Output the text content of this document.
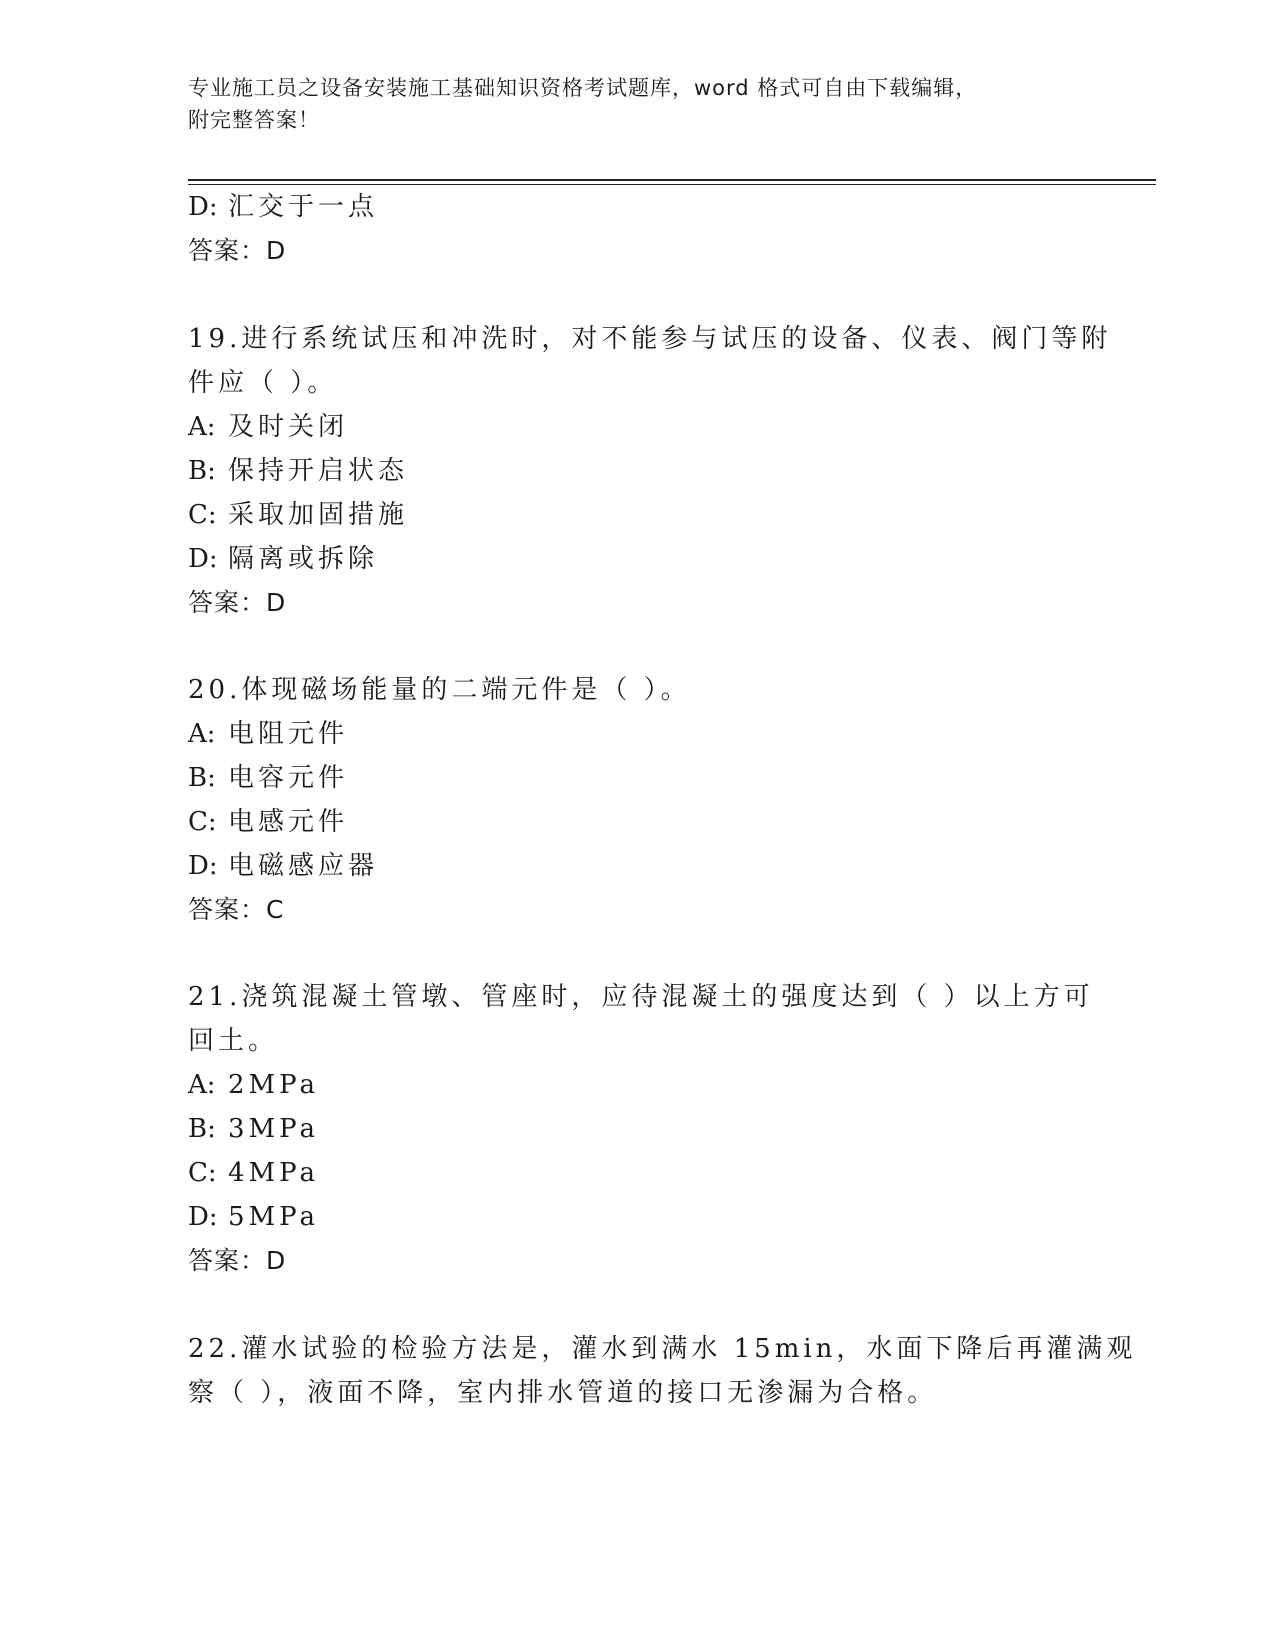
专业施工员之设备安装施工基础知识资格考试题库，word 格式可自由下载编辑，
附完整答案！
D: 汇交于一点
答案：D
19.进行系统试压和冲洗时，对不能参与试压的设备、仪表、阀门等附
件应（ ）。
A: 及时关闭
B: 保持开启状态
C: 采取加固措施
D: 隔离或拆除
答案：D
20.体现磁场能量的二端元件是（ ）。
A: 电阻元件
B: 电容元件
C: 电感元件
D: 电磁感应器
答案：C
21.浇筑混凝土管墩、管座时，应待混凝土的强度达到（ ）以上方可
回土。
A: 2MPa
B: 3MPa
C: 4MPa
D: 5MPa
答案：D
22.灌水试验的检验方法是，灌水到满水 15min，水面下降后再灌满观
察（ ），液面不降，室内排水管道的接口无渗漏为合格。
